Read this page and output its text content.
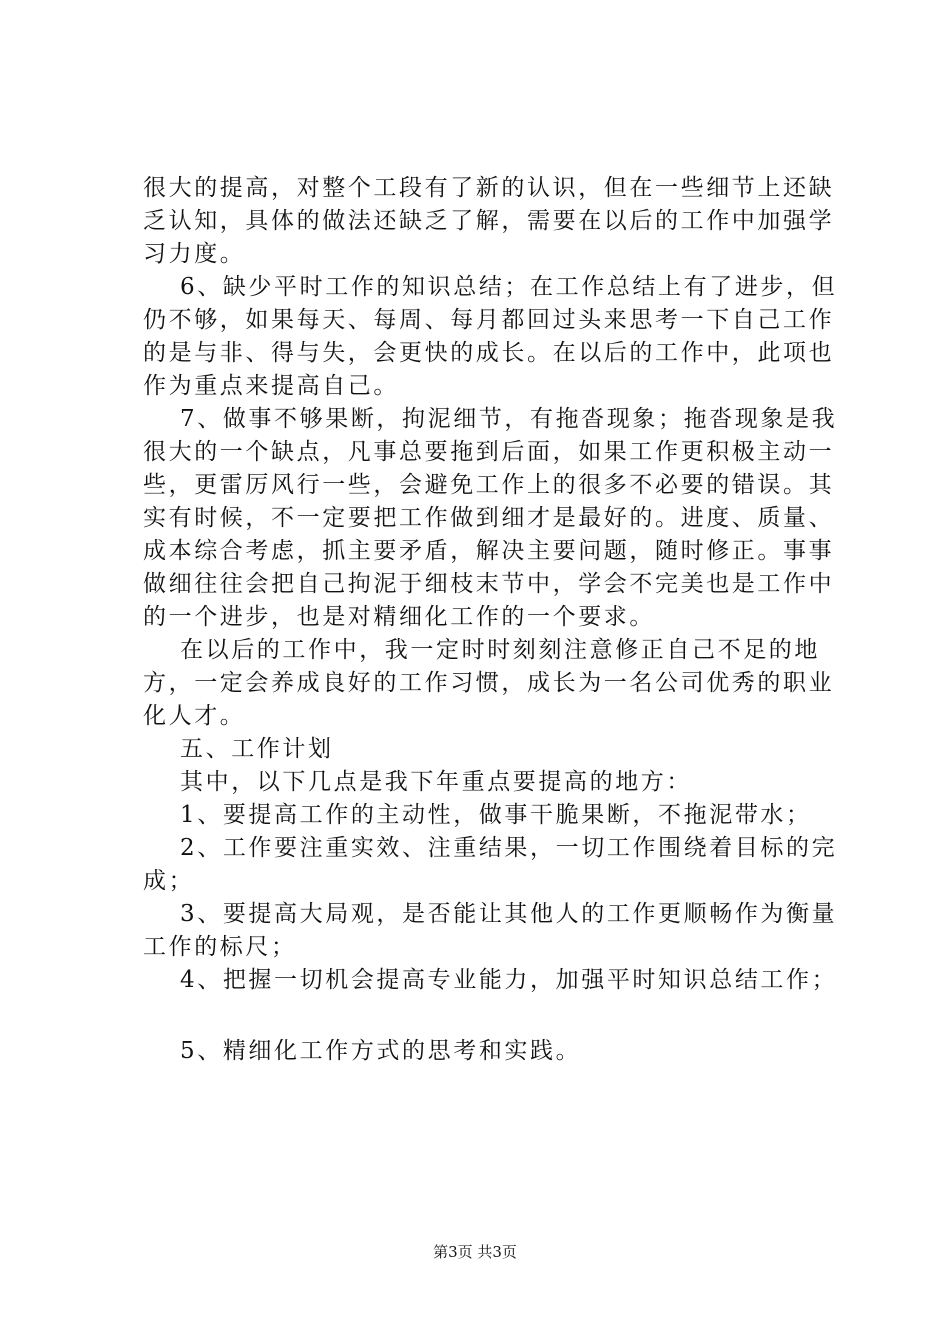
很大的提高，对整个工段有了新的认识，但在一些细节上还缺
乏认知，具体的做法还缺乏了解，需要在以后的工作中加强学
习力度。
6、缺少平时工作的知识总结；在工作总结上有了进步，但
仍不够，如果每天、每周、每月都回过头来思考一下自己工作
的是与非、得与失，会更快的成长。在以后的工作中，此项也
作为重点来提高自己。
7、做事不够果断，拘泥细节，有拖沓现象；拖沓现象是我
很大的一个缺点，凡事总要拖到后面，如果工作更积极主动一
些，更雷厉风行一些，会避免工作上的很多不必要的错误。其
实有时候，不一定要把工作做到细才是最好的。进度、质量、
成本综合考虑，抓主要矛盾，解决主要问题，随时修正。事事
做细往往会把自己拘泥于细枝末节中，学会不完美也是工作中
的一个进步，也是对精细化工作的一个要求。
在以后的工作中，我一定时时刻刻注意修正自己不足的地
方，一定会养成良好的工作习惯，成长为一名公司优秀的职业
化人才。
五、工作计划
其中，以下几点是我下年重点要提高的地方：
1、要提高工作的主动性，做事干脆果断，不拖泥带水；
2、工作要注重实效、注重结果，一切工作围绕着目标的完
成；
3、要提高大局观，是否能让其他人的工作更顺畅作为衡量
工作的标尺；
4、把握一切机会提高专业能力，加强平时知识总结工作；
5、精细化工作方式的思考和实践。
第3页 共3页
